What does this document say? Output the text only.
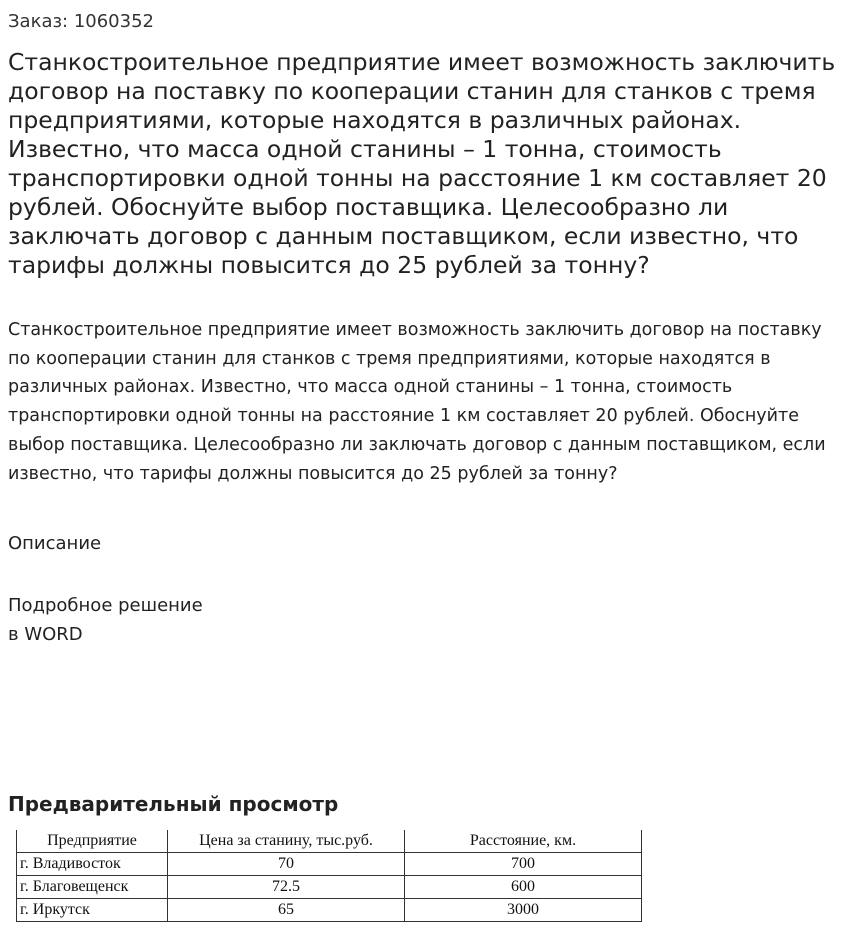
Заказ: 1060352
Станкостроительное предприятие имеет возможность заключить договор на поставку по кооперации станин для станков с тремя предприятиями, которые находятся в различных районах. Известно, что масса одной станины – 1 тонна, стоимость транспортировки одной тонны на расстояние 1 км составляет 20 рублей. Обоснуйте выбор поставщика. Целесообразно ли заключать договор с данным поставщиком, если известно, что тарифы должны повысится до 25 рублей за тонну?
Станкостроительное предприятие имеет возможность заключить договор на поставку по кооперации станин для станков с тремя предприятиями, которые находятся в различных районах. Известно, что масса одной станины – 1 тонна, стоимость транспортировки одной тонны на расстояние 1 км составляет 20 рублей. Обоснуйте выбор поставщика. Целесообразно ли заключать договор с данным поставщиком, если известно, что тарифы должны повысится до 25 рублей за тонну?
Описание
Подробное решение
в WORD
Предварительный просмотр
Предприятие	Цена за станину, тыс.руб.	Расстояние, км.
г. Владивосток	70	700
г. Благовещенск	72.5	600
г. Иркутск	65	3000
